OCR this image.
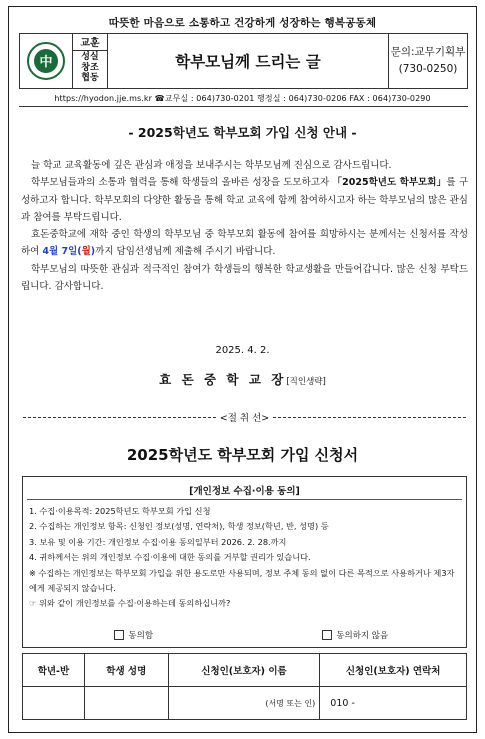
따뜻한 마음으로 소통하고 건강하게 성장하는 행복공동체
中
교훈
성실
창조
협동
학부모님께 드리는 글
문의:교무기획부
(730-0250)
https://hyodon.jje.ms.kr ☎교무실 : 064)730-0201 행정실 : 064)730-0206 FAX : 064)730-0290
- 2025학년도 학부모회 가입 신청 안내 -

늘 학교 교육활동에 깊은 관심과 애정을 보내주시는 학부모님께 진심으로 감사드립니다.

학부모님들과의 소통과 협력을 통해 학생들의 올바른 성장을 도모하고자 「2025학년도 학부모회」를 구성하고자 합니다. 학부모회의 다양한 활동을 통해 학교 교육에 함께 참여하시고자 하는 학부모님의 많은 관심과 참여를 부탁드립니다.

효돈중학교에 재학 중인 학생의 학부모님 중 학부모회 활동에 참여를 희망하시는 분께서는 신청서를 작성하여 4월 7일(월)까지 담임선생님께 제출해 주시기 바랍니다.

학부모님의 따뜻한 관심과 적극적인 참여가 학생들의 행복한 학교생활을 만들어갑니다. 많은 신청 부탁드립니다. 감사합니다.

2025. 4. 2.
효 돈 중 학 교 장[직인생략]
<절 취 선>
2025학년도 학부모회 가입 신청서
[개인정보 수집·이용 동의]
1. 수집·이용목적: 2025학년도 학부모회 가입 신청
2. 수집하는 개인정보 항목: 신청인 정보(성명, 연락처), 학생 정보(학년, 반, 성명) 등
3. 보유 및 이용 기간: 개인정보 수집·이용 동의일부터 2026. 2. 28.까지
4. 귀하께서는 위의 개인정보 수집·이용에 대한 동의를 거부할 권리가 있습니다.
※ 수집하는 개인정보는 학부모회 가입을 위한 용도로만 사용되며, 정보 주체 동의 없이 다른 목적으로 사용하거나 제3자에게 제공되지 않습니다.
☞ 위와 같이 개인정보를 수집·이용하는데 동의하십니까?
동의함	동의하지 않음
학년-반	학생 성명	신청인(보호자) 이름	신청인(보호자) 연락처
		(서명 또는 인)	010 -
